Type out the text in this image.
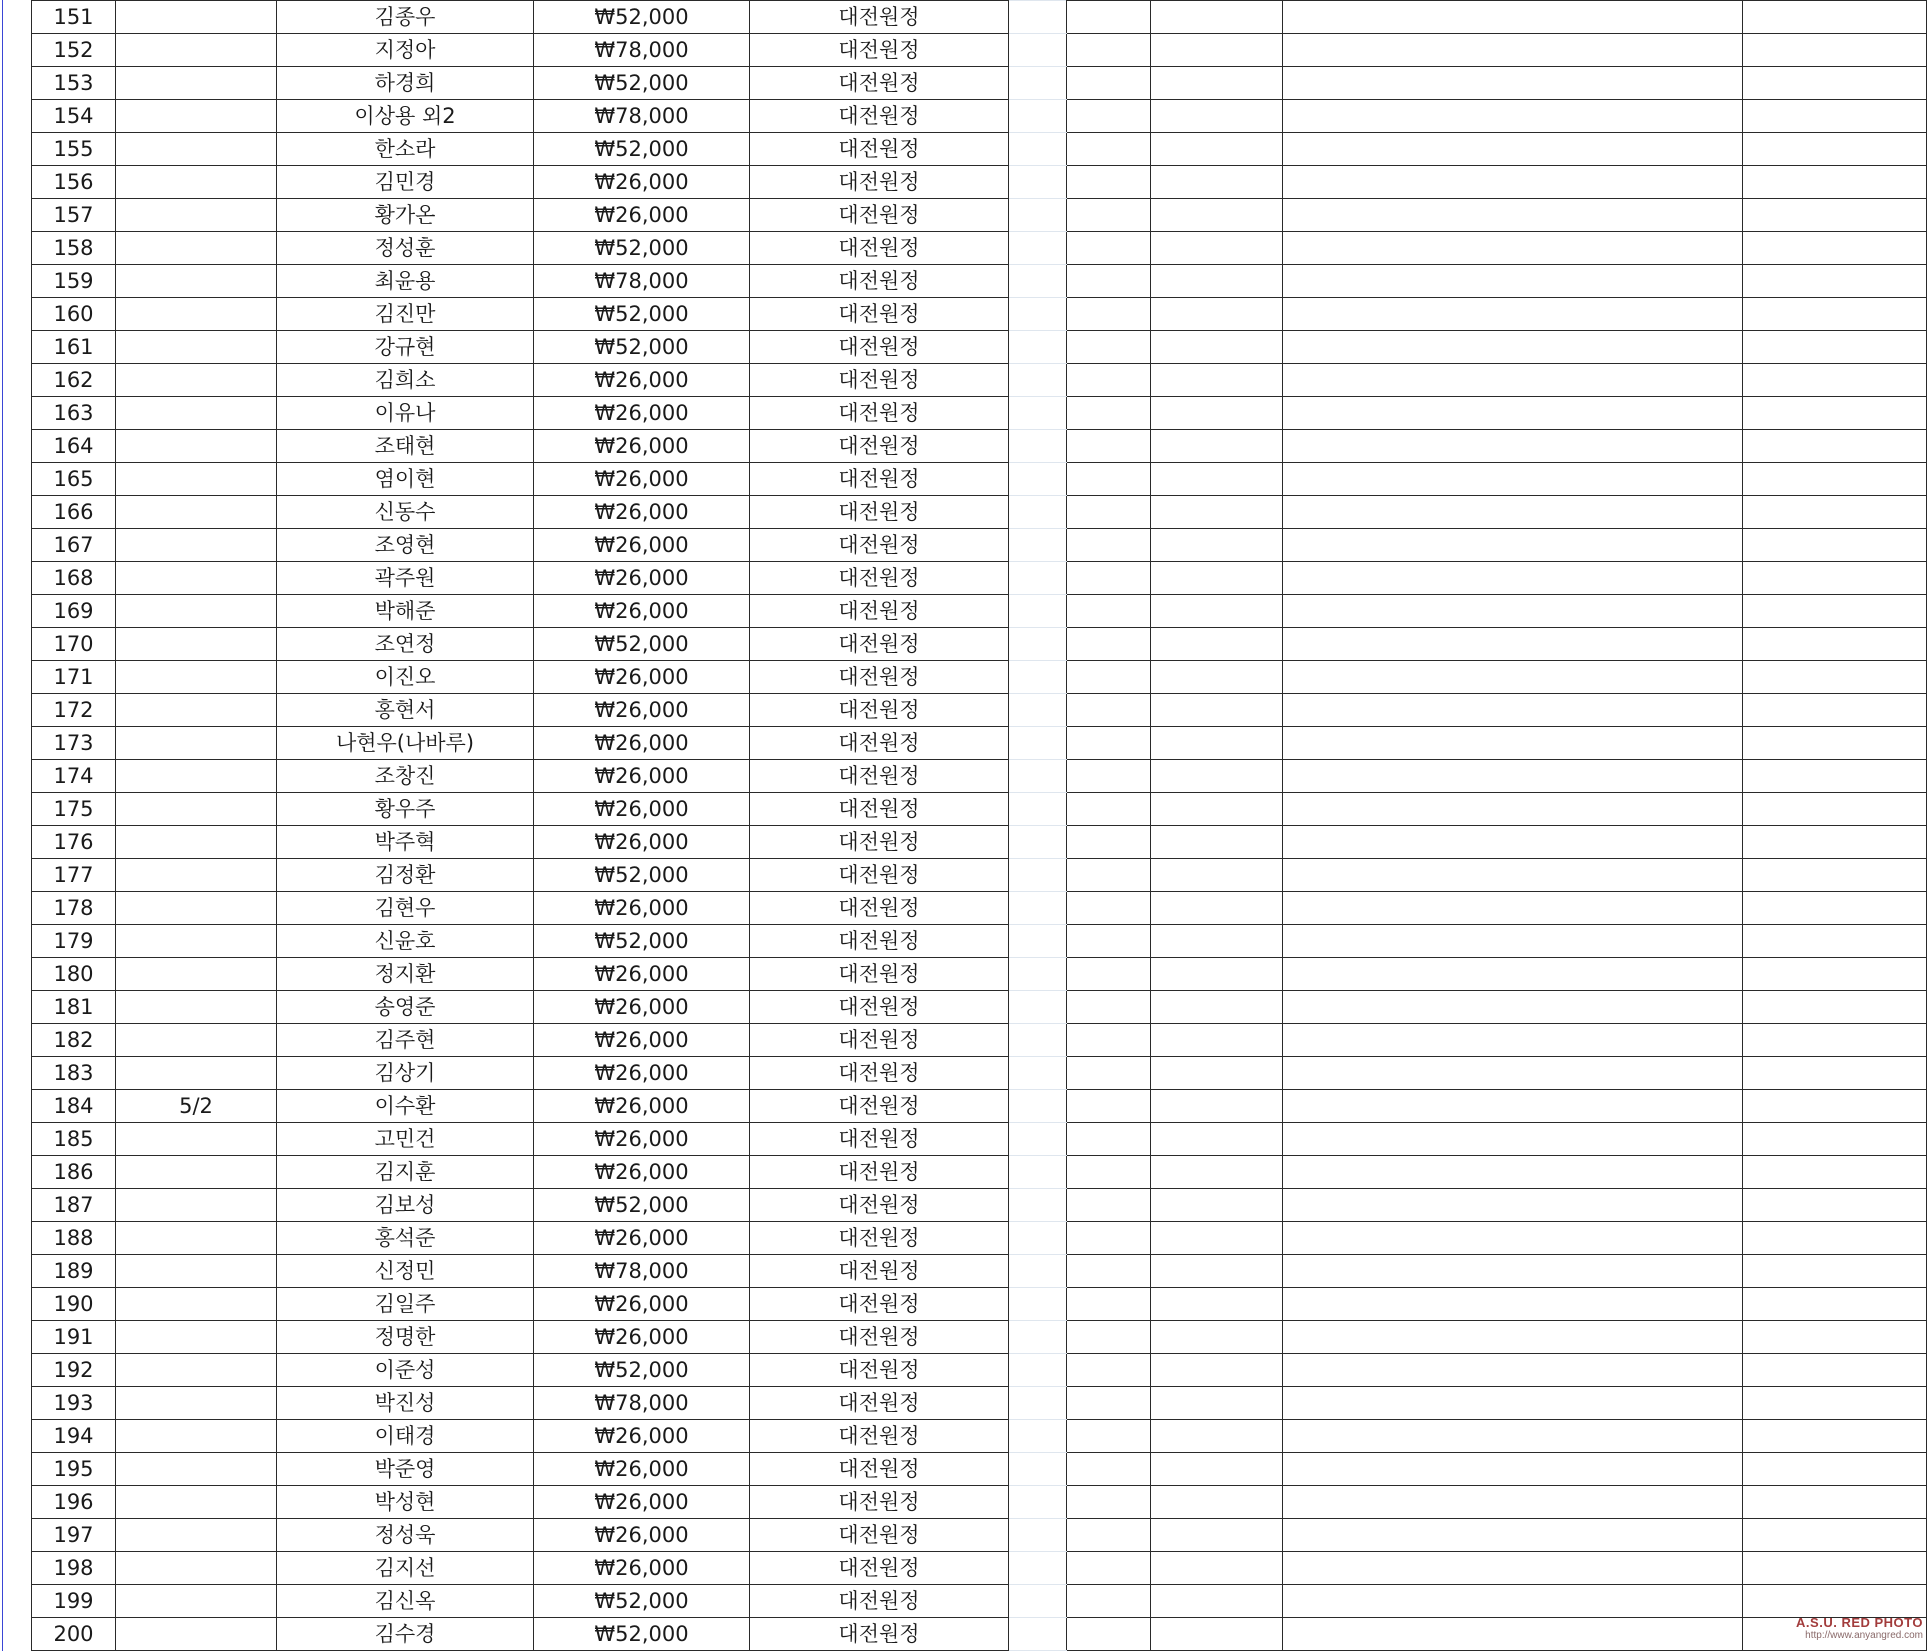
151		김종우	₩52,000	대전원정					
152		지정아	₩78,000	대전원정					
153		하경희	₩52,000	대전원정					
154		이상용 외2	₩78,000	대전원정					
155		한소라	₩52,000	대전원정					
156		김민경	₩26,000	대전원정					
157		황가온	₩26,000	대전원정					
158		정성훈	₩52,000	대전원정					
159		최윤용	₩78,000	대전원정					
160		김진만	₩52,000	대전원정					
161		강규현	₩52,000	대전원정					
162		김희소	₩26,000	대전원정					
163		이유나	₩26,000	대전원정					
164		조태현	₩26,000	대전원정					
165		염이현	₩26,000	대전원정					
166		신동수	₩26,000	대전원정					
167		조영현	₩26,000	대전원정					
168		곽주원	₩26,000	대전원정					
169		박해준	₩26,000	대전원정					
170		조연정	₩52,000	대전원정					
171		이진오	₩26,000	대전원정					
172		홍현서	₩26,000	대전원정					
173		나현우(나바루)	₩26,000	대전원정					
174		조창진	₩26,000	대전원정					
175		황우주	₩26,000	대전원정					
176		박주혁	₩26,000	대전원정					
177		김정환	₩52,000	대전원정					
178		김현우	₩26,000	대전원정					
179		신윤호	₩52,000	대전원정					
180		정지환	₩26,000	대전원정					
181		송영준	₩26,000	대전원정					
182		김주현	₩26,000	대전원정					
183		김상기	₩26,000	대전원정					
184	5/2	이수환	₩26,000	대전원정					
185		고민건	₩26,000	대전원정					
186		김지훈	₩26,000	대전원정					
187		김보성	₩52,000	대전원정					
188		홍석준	₩26,000	대전원정					
189		신정민	₩78,000	대전원정					
190		김일주	₩26,000	대전원정					
191		정명한	₩26,000	대전원정					
192		이준성	₩52,000	대전원정					
193		박진성	₩78,000	대전원정					
194		이태경	₩26,000	대전원정					
195		박준영	₩26,000	대전원정					
196		박성현	₩26,000	대전원정					
197		정성욱	₩26,000	대전원정					
198		김지선	₩26,000	대전원정					
199		김신옥	₩52,000	대전원정					
200		김수경	₩52,000	대전원정						A.S.U. RED PHOTO
http://www.anyangred.com
